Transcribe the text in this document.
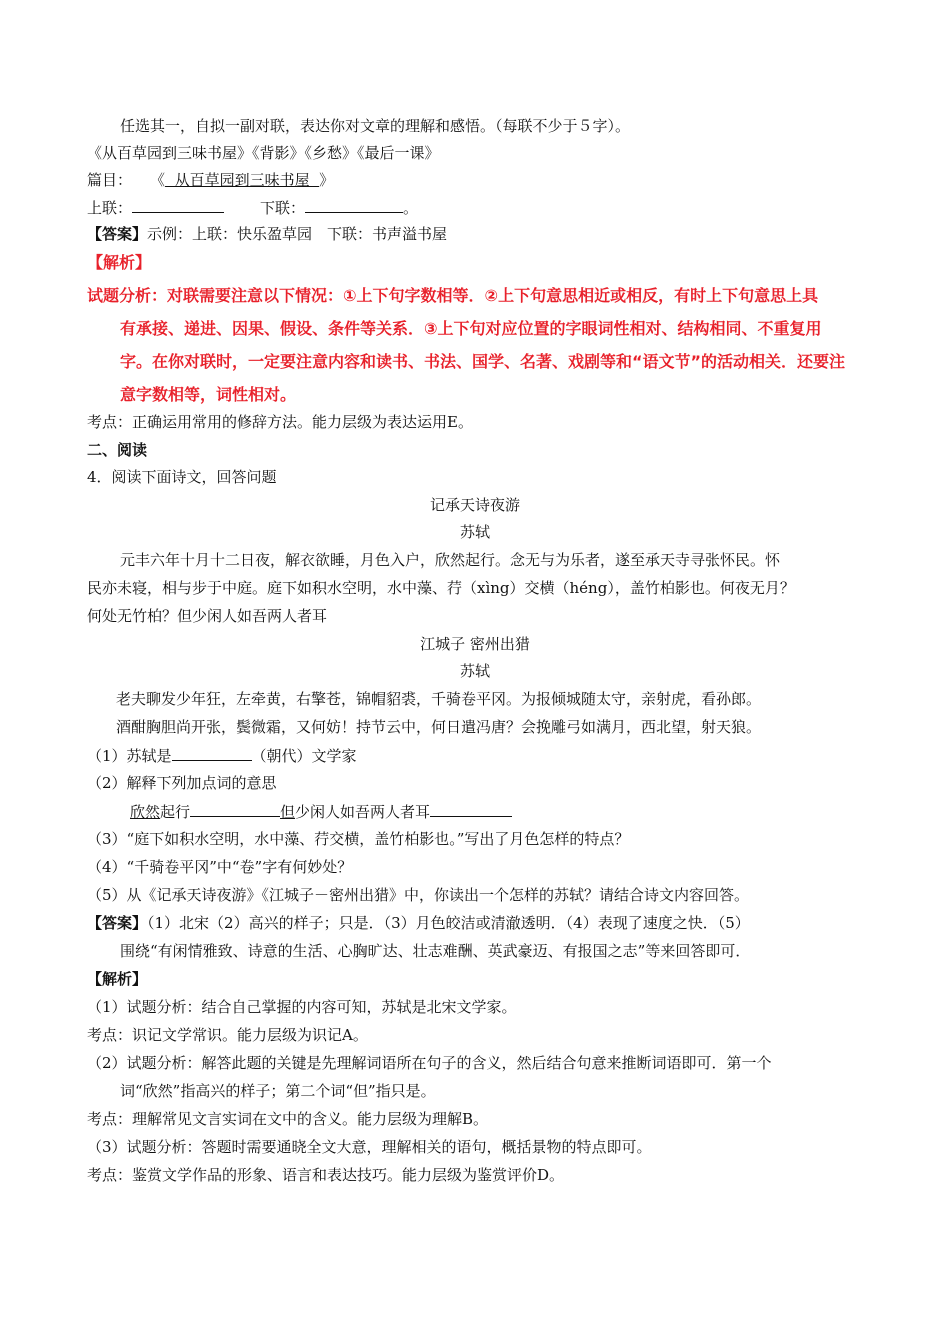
任选其一，自拟一副对联，表达你对文章的理解和感悟。（每联不少于５字）。
《从百草园到三味书屋》《背影》《乡愁》《最后一课》
篇目： 《  从百草园到三味书屋  》
上联：	下联：	。
【答案】示例：上联：快乐盈草园　下联：书声溢书屋
【解析】
试题分析：对联需要注意以下情况：①上下句字数相等．②上下句意思相近或相反，有时上下句意思上具
有承接、递进、因果、假设、条件等关系．③上下句对应位置的字眼词性相对、结构相同、不重复用
字。在你对联时，一定要注意内容和读书、书法、国学、名著、戏剧等和“语文节”的活动相关．还要注
意字数相等，词性相对。
考点：正确运用常用的修辞方法。能力层级为表达运用E。
二、阅读
4．阅读下面诗文，回答问题
记承天诗夜游
苏轼
元丰六年十月十二日夜，解衣欲睡，月色入户，欣然起行。念无与为乐者，遂至承天寺寻张怀民。怀
民亦未寝，相与步于中庭。庭下如积水空明，水中藻、荇（xìng）交横（héng），盖竹柏影也。何夜无月？
何处无竹柏？但少闲人如吾两人者耳
江城子 密州出猎
苏轼
老夫聊发少年狂，左牵黄，右擎苍，锦帽貂裘，千骑卷平冈。为报倾城随太守，亲射虎，看孙郎。
酒酣胸胆尚开张，鬓微霜，又何妨！持节云中，何日遣冯唐？会挽雕弓如满月，西北望，射天狼。
（1）苏轼是	（朝代）文学家
（2）解释下列加点词的意思
欣然起行	但少闲人如吾两人者耳
（3）“庭下如积水空明，水中藻、荇交横，盖竹柏影也。”写出了月色怎样的特点？
（4）“千骑卷平冈”中“卷”字有何妙处？
（5）从《记承天诗夜游》《江城子－密州出猎》中，你读出一个怎样的苏轼？请结合诗文内容回答。
【答案】（1）北宋（2）高兴的样子；只是．（3）月色皎洁或清澈透明．（4）表现了速度之快．（5）
围绕“有闲情雅致、诗意的生活、心胸旷达、壮志难酬、英武豪迈、有报国之志”等来回答即可．
【解析】
（1）试题分析：结合自己掌握的内容可知，苏轼是北宋文学家。
考点：识记文学常识。能力层级为识记A。
（2）试题分析：解答此题的关键是先理解词语所在句子的含义，然后结合句意来推断词语即可．第一个
词“欣然”指高兴的样子；第二个词“但”指只是。
考点：理解常见文言实词在文中的含义。能力层级为理解B。
（3）试题分析：答题时需要通晓全文大意，理解相关的语句，概括景物的特点即可。
考点：鉴赏文学作品的形象、语言和表达技巧。能力层级为鉴赏评价D。
